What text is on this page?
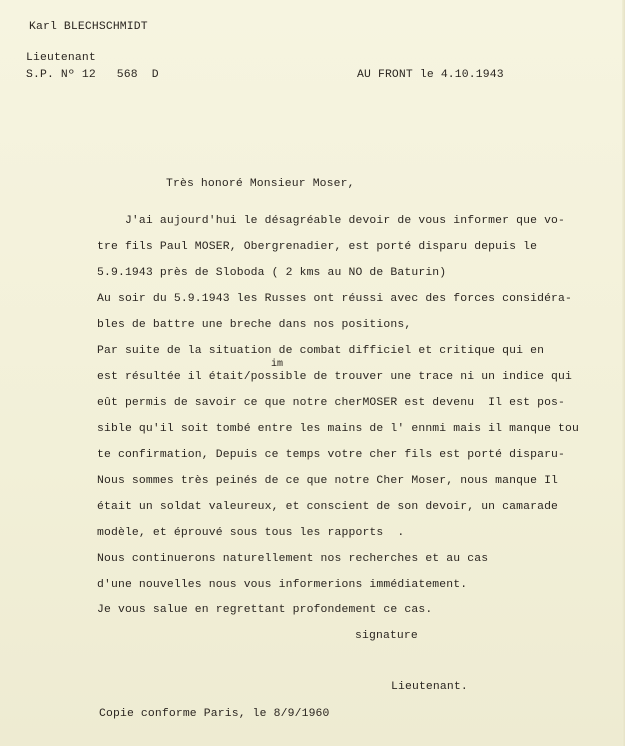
Karl BLECHSCHMIDT
Lieutenant
S.P. Nº 12   568  D	AU FRONT le 4.10.1943
Très honoré Monsieur Moser,
J'ai aujourd'hui le désagréable devoir de vous informer que vo-
tre fils Paul MOSER, Obergrenadier, est porté disparu depuis le
5.9.1943 près de Sloboda ( 2 kms au NO de Baturin)
Au soir du 5.9.1943 les Russes ont réussi avec des forces considéra-
bles de battre une breche dans nos positions,
Par suite de la situation de combat difficiel et critique qui en
im
est résultée il était/possible de trouver une trace ni un indice qui
eût permis de savoir ce que notre cherMOSER est devenu  Il est pos-
sible qu'il soit tombé entre les mains de l' ennmi mais il manque tou
te confirmation, Depuis ce temps votre cher fils est porté disparu-
Nous sommes très peinés de ce que notre Cher Moser, nous manque Il
était un soldat valeureux, et conscient de son devoir, un camarade
modèle, et éprouvé sous tous les rapports  .
Nous continuerons naturellement nos recherches et au cas
d'une nouvelles nous vous informerions immédiatement.
Je vous salue en regrettant profondement ce cas.
signature
Lieutenant.
Copie conforme Paris, le 8/9/1960
